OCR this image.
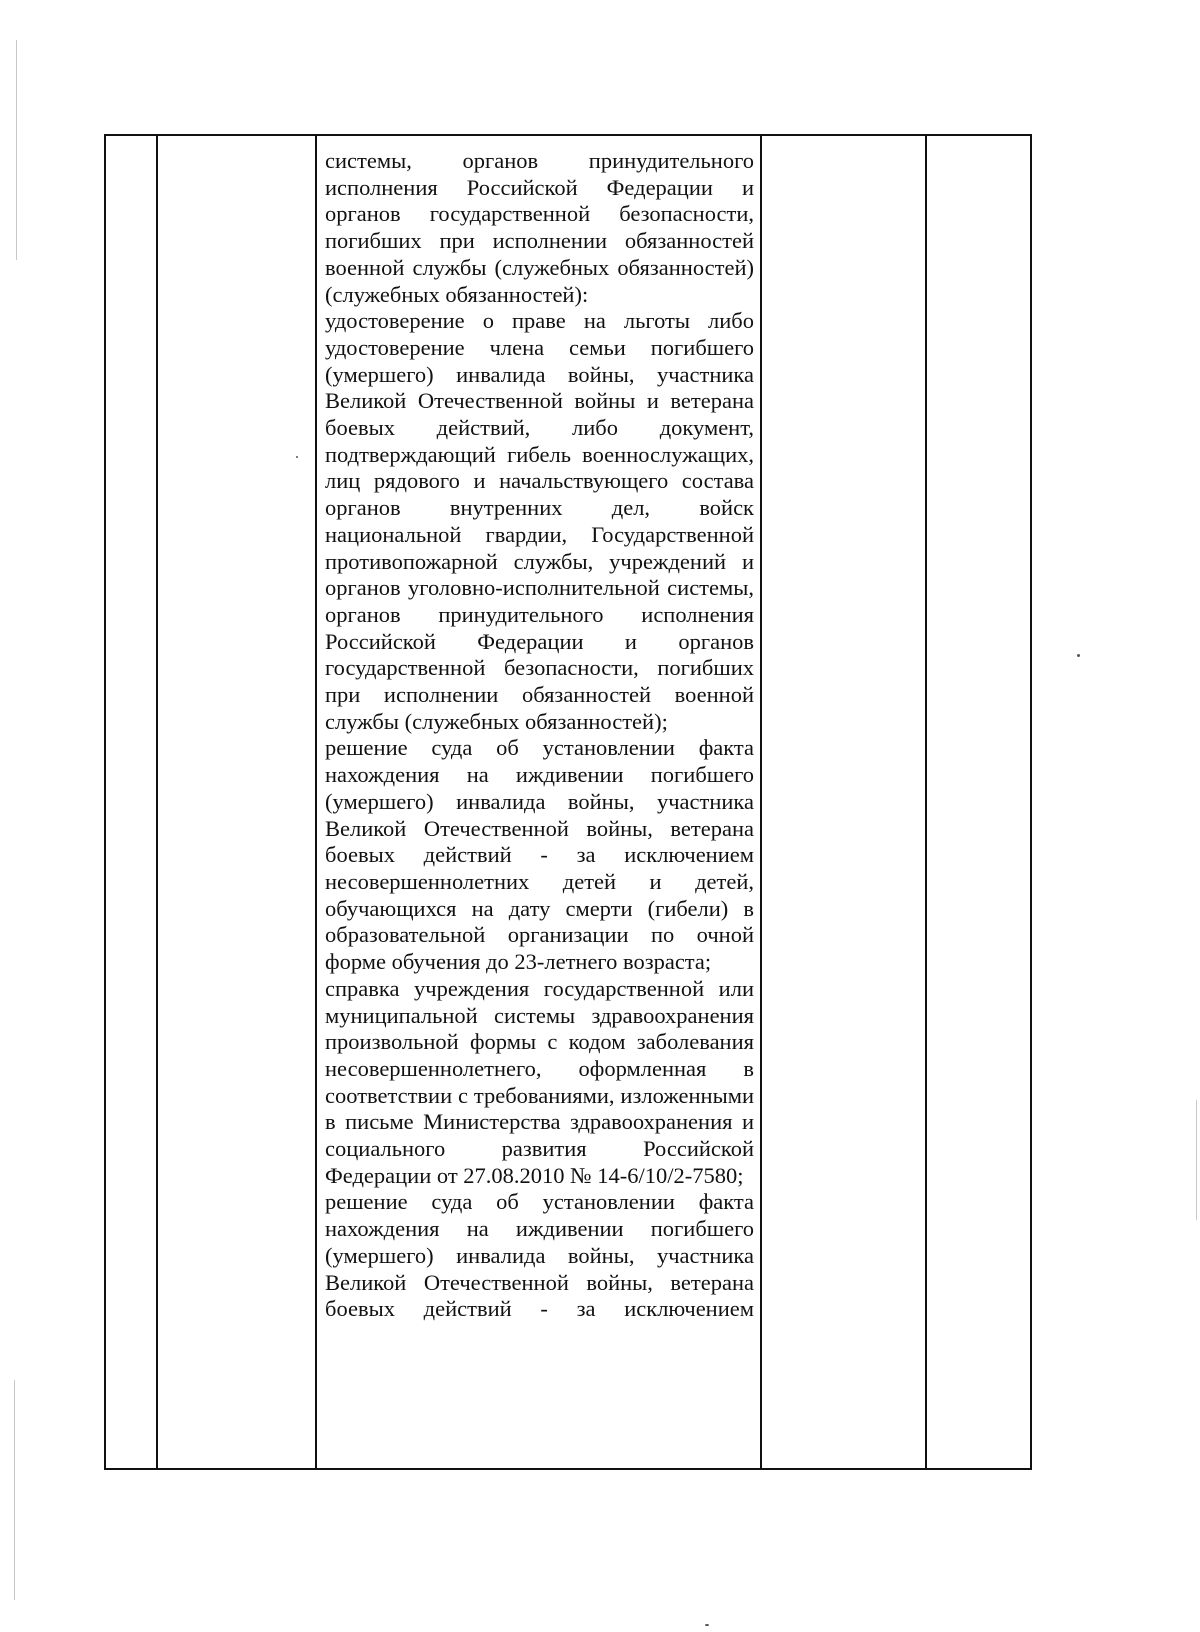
системы, органов принудительного исполнения Российской Федерации и органов государственной безопасности, погибших при исполнении обязанностей военной службы (служебных обязанностей) (служебных обязанностей):

удостоверение о праве на льготы либо удостоверение члена семьи погибшего (умершего) инвалида войны, участника Великой Отечественной войны и ветерана боевых действий, либо документ, подтверждающий гибель военнослужащих, лиц рядового и начальствующего состава органов внутренних дел, войск национальной гвардии, Государственной противопожарной службы, учреждений и органов уголовно-исполнительной системы, органов принудительного исполнения Российской Федерации и органов государственной безопасности, погибших при исполнении обязанностей военной службы (служебных обязанностей);

решение суда об установлении факта нахождения на иждивении погибшего (умершего) инвалида войны, участника Великой Отечественной войны, ветерана боевых действий - за исключением несовершеннолетних детей и детей, обучающихся на дату смерти (гибели) в образовательной организации по очной форме обучения до 23-летнего возраста;

справка учреждения государственной или муниципальной системы здравоохранения произвольной формы с кодом заболевания несовершеннолетнего, оформленная в соответствии с требованиями, изложенными в письме Министерства здравоохранения и социального развития Российской Федерации от 27.08.2010 № 14-6/10/2-7580;

решение суда об установлении факта нахождения на иждивении погибшего (умершего) инвалида войны, участника Великой Отечественной войны, ветерана боевых действий - за исключением
